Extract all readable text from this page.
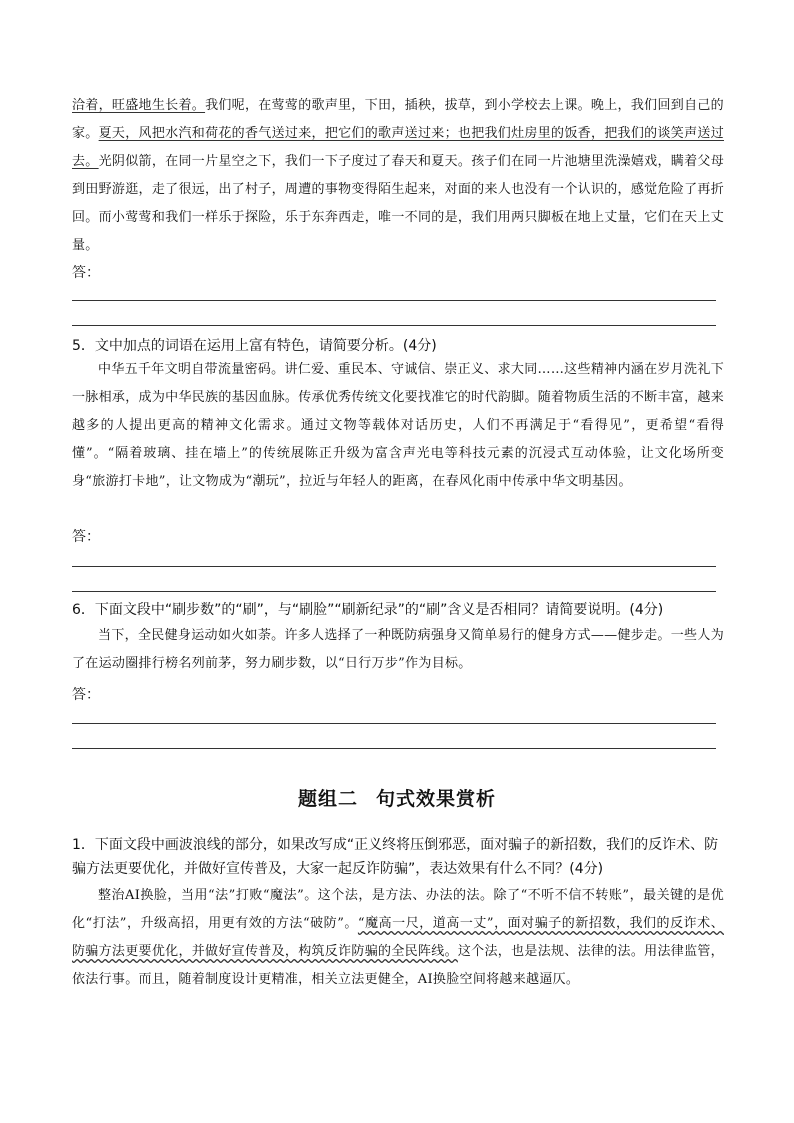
洽着，旺盛地生长着。我们呢，在莺莺的歌声里，下田，插秧，拔草，到小学校去上课。晚上，我们回到自己的家。夏天，风把水汽和荷花的香气送过来，把它们的歌声送过来；也把我们灶房里的饭香，把我们的谈笑声送过去。光阴似箭，在同一片星空之下，我们一下子度过了春天和夏天。孩子们在同一片池塘里洗澡嬉戏，瞒着父母到田野游逛，走了很远，出了村子，周遭的事物变得陌生起来，对面的来人也没有一个认识的，感觉危险了再折回。而小莺莺和我们一样乐于探险，乐于东奔西走，唯一不同的是，我们用两只脚板在地上丈量，它们在天上丈量。

答：
5．文中加点的词语在运用上富有特色，请简要分析。(4分)

中华五千年文明自带流量密码。讲仁爱、重民本、守诚信、崇正义、求大同……这些精神内涵在岁月洗礼下一脉相承，成为中华民族的基因血脉。传承优秀传统文化要找准它的时代韵脚。随着物质生活的不断丰富，越来越多的人提出更高的精神文化需求。通过文物等载体对话历史，人们不再满足于“看得见”，更希望“看得懂”。“隔着玻璃、挂在墙上”的传统展陈正升级为富含声光电等科技元素的沉浸式互动体验，让文化场所变身“旅游打卡地”，让文物成为“潮玩”，拉近与年轻人的距离，在春风化雨中传承中华文明基因。

答：
6．下面文段中“刷步数”的“刷”，与“刷脸”“刷新纪录”的“刷”含义是否相同？请简要说明。(4分)

当下，全民健身运动如火如荼。许多人选择了一种既防病强身又简单易行的健身方式——健步走。一些人为了在运动圈排行榜名列前茅，努力刷步数，以“日行万步”作为目标。

答：
题组二 句式效果赏析
1．下面文段中画波浪线的部分，如果改写成“正义终将压倒邪恶，面对骗子的新招数，我们的反诈术、防骗方法更要优化，并做好宣传普及，大家一起反诈防骗”，表达效果有什么不同？(4分)

整治AI换脸，当用“法”打败“魔法”。这个法，是方法、办法的法。除了“不听不信不转账”，最关键的是优化“打法”，升级高招，用更有效的方法“破防”。“魔高一尺，道高一丈”，面对骗子的新招数，我们的反诈术、防骗方法更要优化，并做好宣传普及，构筑反诈防骗的全民阵线。这个法，也是法规、法律的法。用法律监管，依法行事。而且，随着制度设计更精准，相关立法更健全，AI换脸空间将越来越逼仄。
